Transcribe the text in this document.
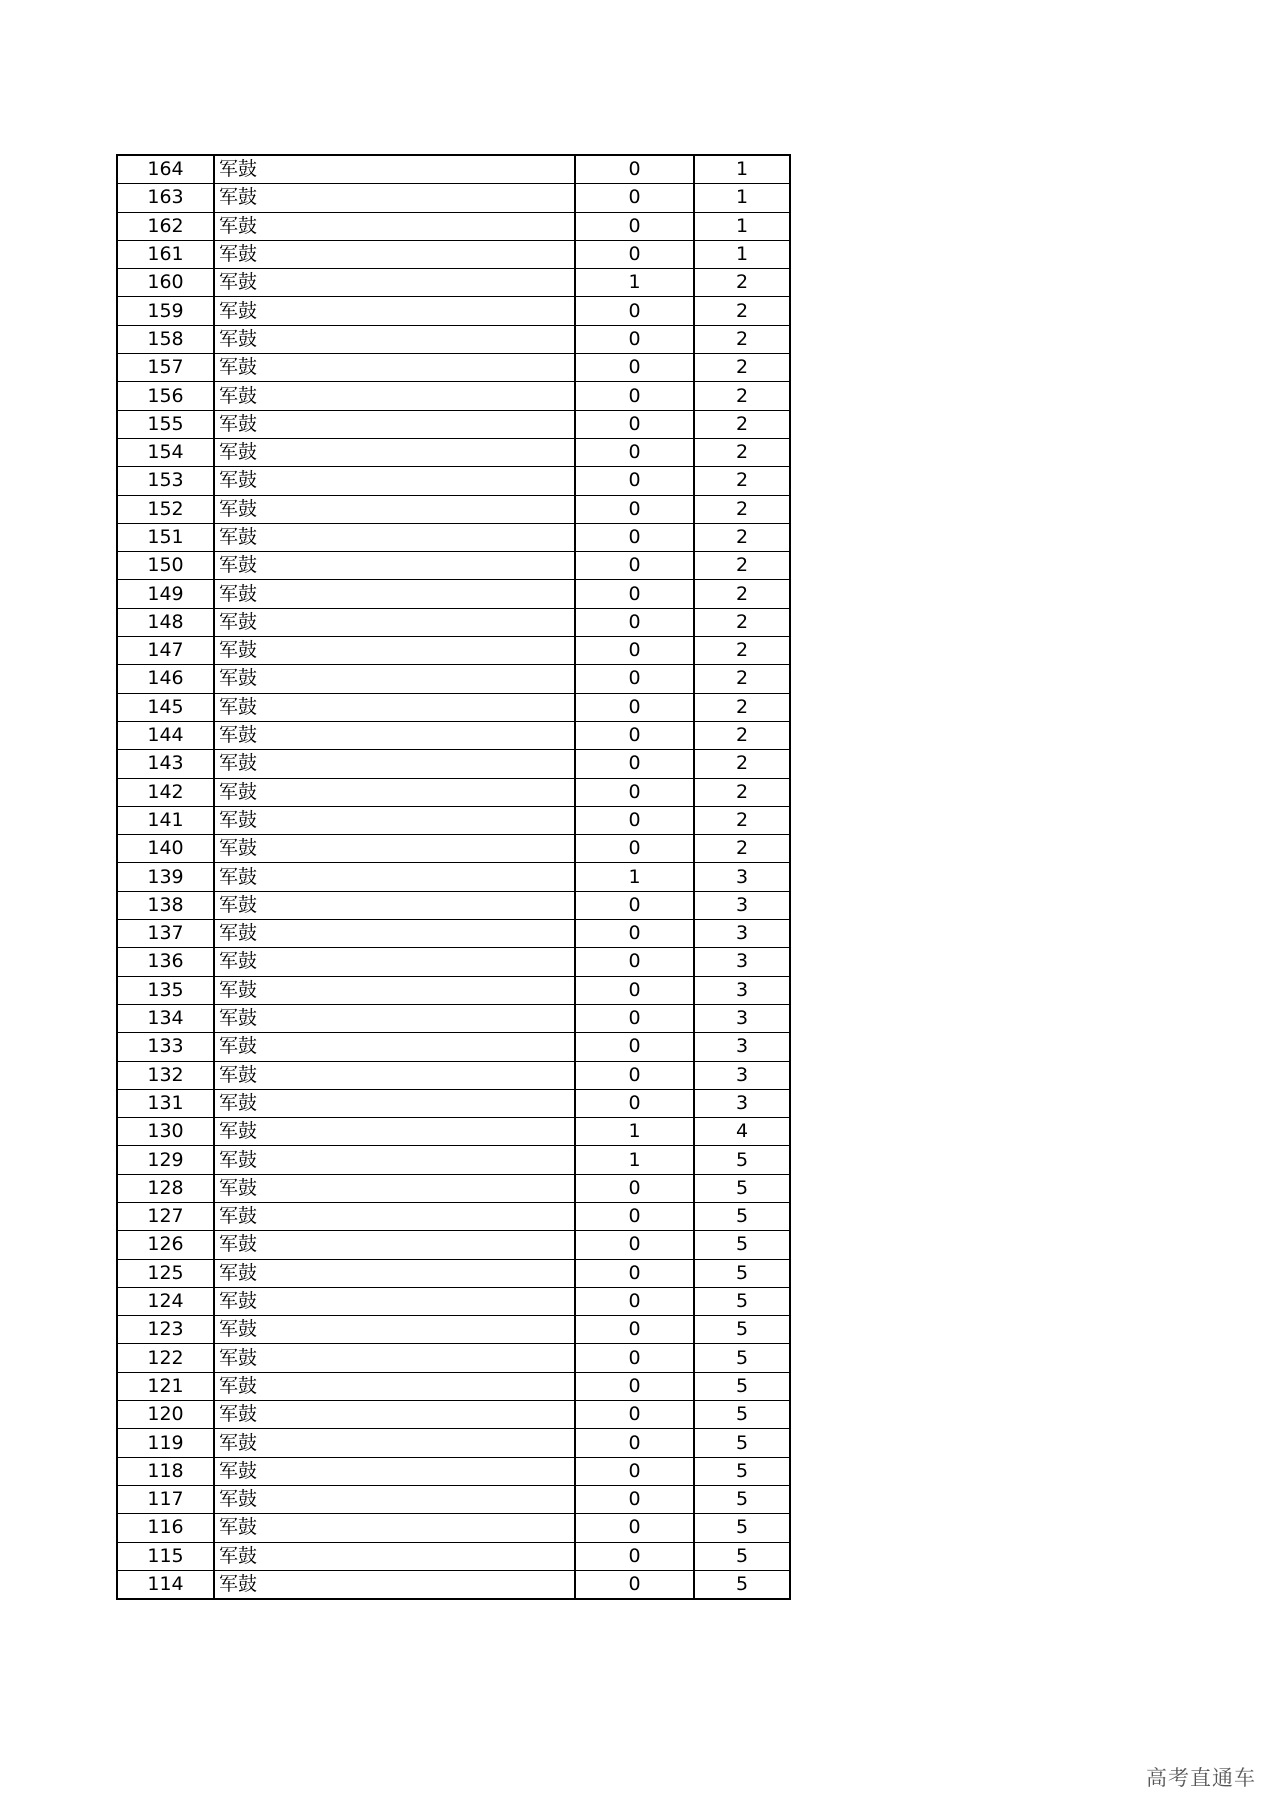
164	军鼓	0	1
163	军鼓	0	1
162	军鼓	0	1
161	军鼓	0	1
160	军鼓	1	2
159	军鼓	0	2
158	军鼓	0	2
157	军鼓	0	2
156	军鼓	0	2
155	军鼓	0	2
154	军鼓	0	2
153	军鼓	0	2
152	军鼓	0	2
151	军鼓	0	2
150	军鼓	0	2
149	军鼓	0	2
148	军鼓	0	2
147	军鼓	0	2
146	军鼓	0	2
145	军鼓	0	2
144	军鼓	0	2
143	军鼓	0	2
142	军鼓	0	2
141	军鼓	0	2
140	军鼓	0	2
139	军鼓	1	3
138	军鼓	0	3
137	军鼓	0	3
136	军鼓	0	3
135	军鼓	0	3
134	军鼓	0	3
133	军鼓	0	3
132	军鼓	0	3
131	军鼓	0	3
130	军鼓	1	4
129	军鼓	1	5
128	军鼓	0	5
127	军鼓	0	5
126	军鼓	0	5
125	军鼓	0	5
124	军鼓	0	5
123	军鼓	0	5
122	军鼓	0	5
121	军鼓	0	5
120	军鼓	0	5
119	军鼓	0	5
118	军鼓	0	5
117	军鼓	0	5
116	军鼓	0	5
115	军鼓	0	5
114	军鼓	0	5
高考直通车
